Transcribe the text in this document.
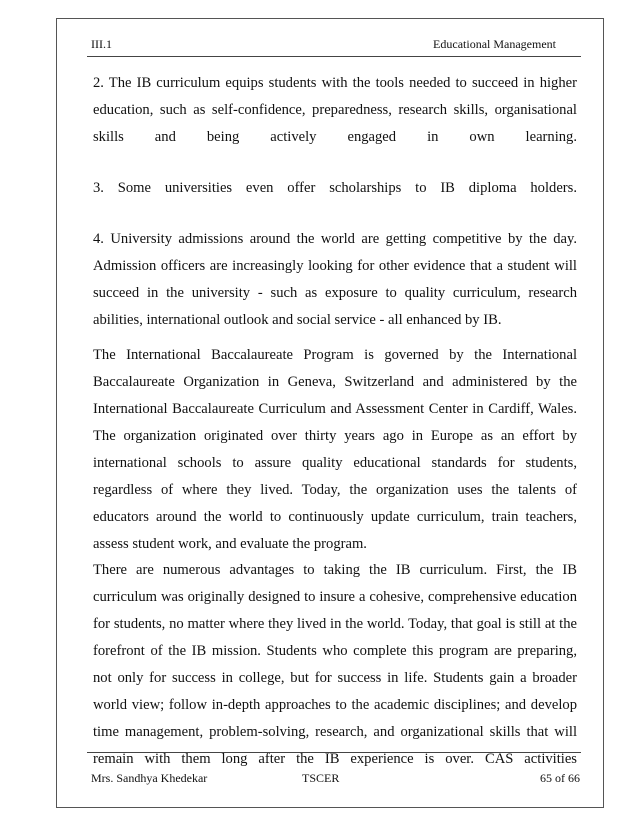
III.1	Educational Management

2. The IB curriculum equips students with the tools needed to succeed in higher education, such as self-confidence, preparedness, research skills, organisational skills and being actively engaged in own learning.

3. Some universities even offer scholarships to IB diploma holders.

4. University admissions around the world are getting competitive by the day. Admission officers are increasingly looking for other evidence that a student will succeed in the university - such as exposure to quality curriculum, research abilities, international outlook and social service - all enhanced by IB.

The International Baccalaureate Program is governed by the International Baccalaureate Organization in Geneva, Switzerland and administered by the International Baccalaureate Curriculum and Assessment Center in Cardiff, Wales. The organization originated over thirty years ago in Europe as an effort by international schools to assure quality educational standards for students, regardless of where they lived. Today, the organization uses the talents of educators around the world to continuously update curriculum, train teachers, assess student work, and evaluate the program.

There are numerous advantages to taking the IB curriculum. First, the IB curriculum was originally designed to insure a cohesive, comprehensive education for students, no matter where they lived in the world. Today, that goal is still at the forefront of the IB mission. Students who complete this program are preparing, not only for success in college, but for success in life. Students gain a broader world view; follow in-depth approaches to the academic disciplines; and develop time management, problem-solving, research, and organizational skills that will remain with them long after the IB experience is over. CAS activities

Mrs. Sandhya Khedekar	TSCER	65 of 66
